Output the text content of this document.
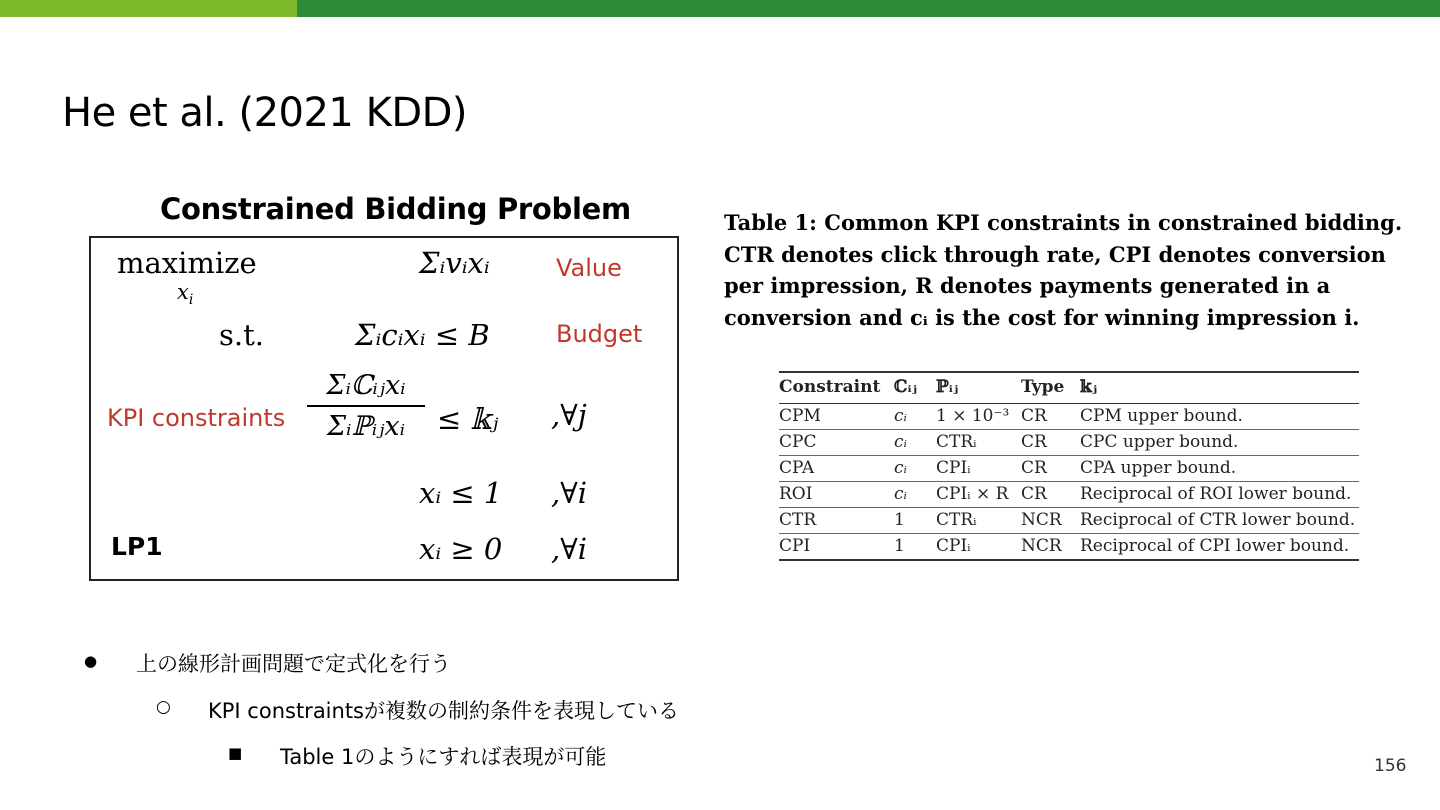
He et al. (2021 KDD)
Constrained Bidding Problem
maximize
$x_i$
Σᵢvᵢxᵢ	Value
s.t.	Σᵢcᵢxᵢ ≤ B	Budget
KPI constraints
Σᵢℂᵢⱼxᵢ
Σᵢℙᵢⱼxᵢ	≤ 𝕜ⱼ ,∀j
xᵢ ≤ 1 ,∀i
LP1	xᵢ ≥ 0 ,∀i
Table 1: Common KPI constraints in constrained bidding. CTR denotes click through rate, CPI denotes conversion per impression, R denotes payments generated in a conversion and cᵢ is the cost for winning impression i.
Constraint	ℂᵢⱼ	ℙᵢⱼ	Type	𝕜ⱼ
CPM	cᵢ	1 × 10⁻³	CR	CPM upper bound.
CPC	cᵢ	CTRᵢ	CR	CPC upper bound.
CPA	cᵢ	CPIᵢ	CR	CPA upper bound.
ROI	cᵢ	CPIᵢ × R	CR	Reciprocal of ROI lower bound.
CTR	1	CTRᵢ	NCR	Reciprocal of CTR lower bound.
CPI	1	CPIᵢ	NCR	Reciprocal of CPI lower bound.
● 上の線形計画問題で定式化を行う
○ KPI constraintsが複数の制約条件を表現している
■ Table 1のようにすれば表現が可能	156
